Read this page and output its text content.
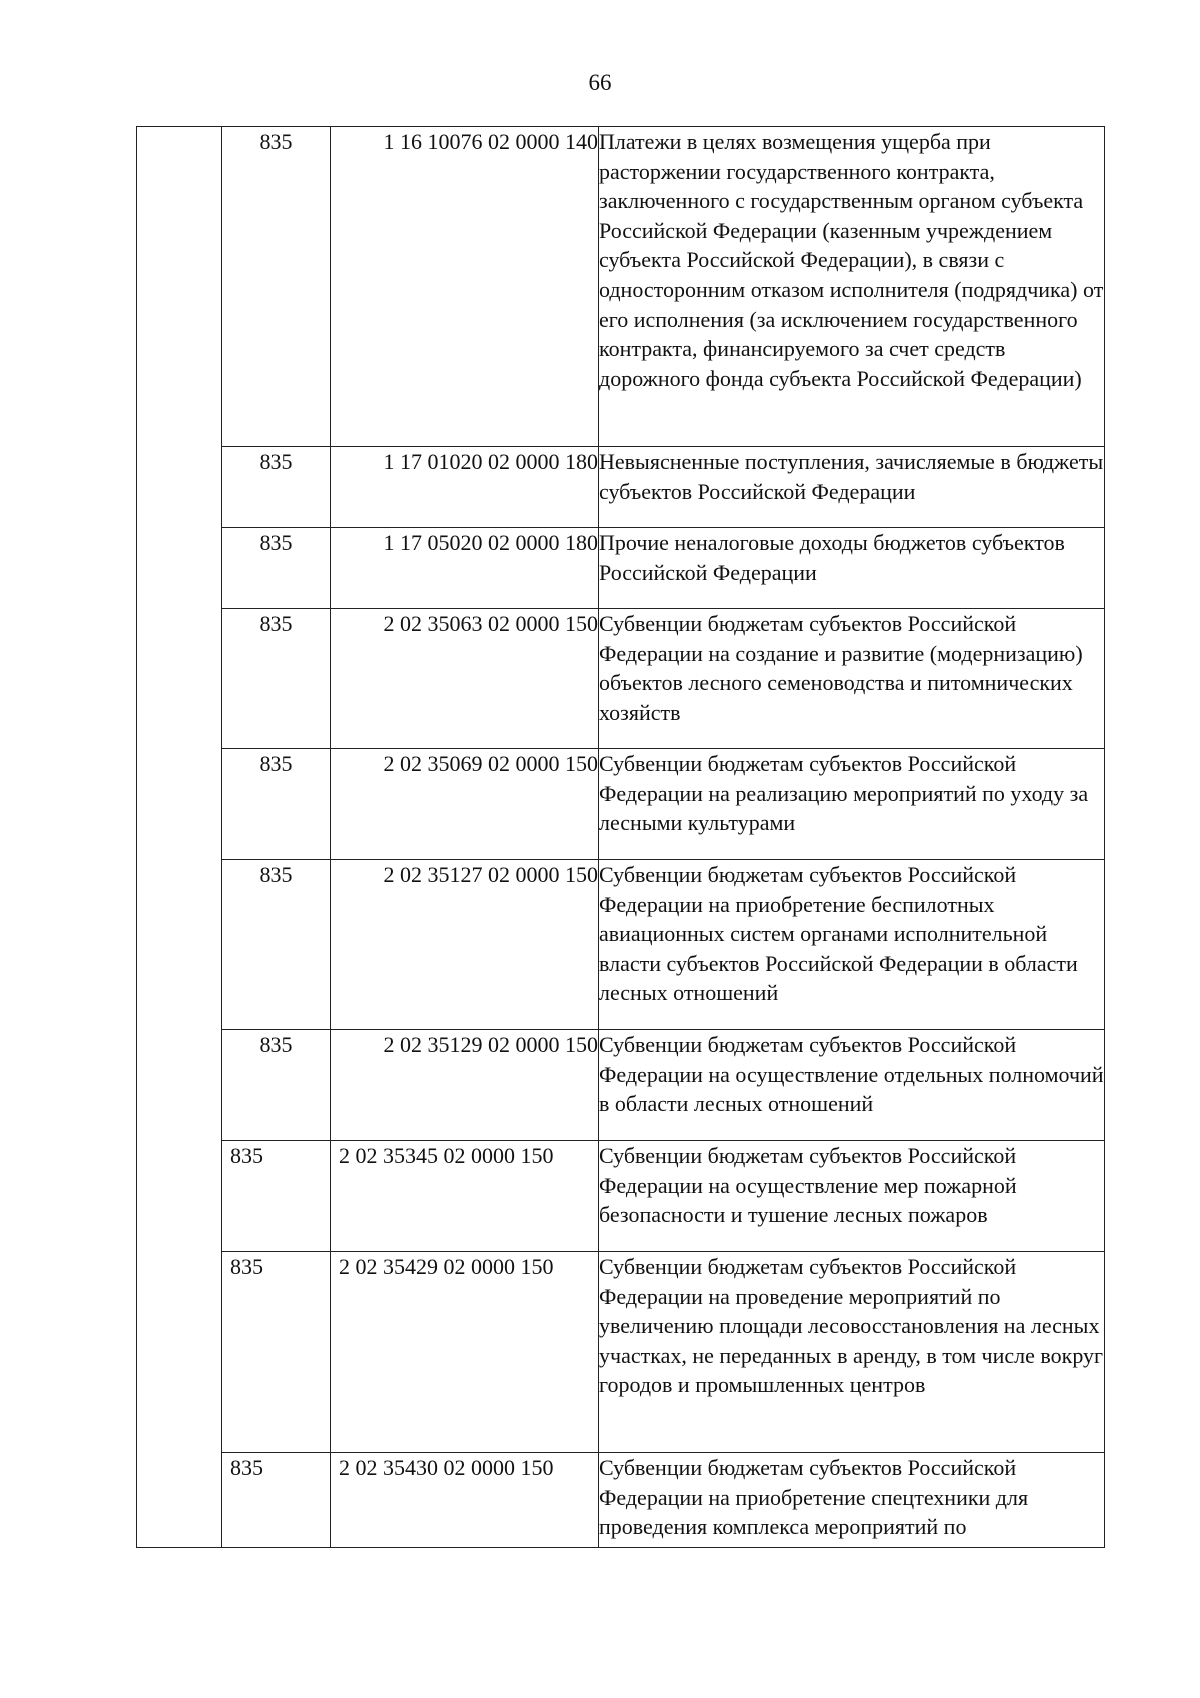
66
	835	1 16 10076 02 0000 140	Платежи в целях возмещения ущерба при расторжении государственного контракта, заключенного с государственным органом субъекта Российской Федерации (казенным учреждением субъекта Российской Федерации), в связи с односторонним отказом исполнителя (подрядчика) от его исполнения (за исключением государственного контракта, финансируемого за счет средств дорожного фонда субъекта Российской Федерации)
	835	1 17 01020 02 0000 180	Невыясненные поступления, зачисляемые в бюджеты субъектов Российской Федерации
	835	1 17 05020 02 0000 180	Прочие неналоговые доходы бюджетов субъектов Российской Федерации
	835	2 02 35063 02 0000 150	Субвенции бюджетам субъектов Российской Федерации на создание и развитие (модернизацию) объектов лесного семеноводства и питомнических хозяйств
	835	2 02 35069 02 0000 150	Субвенции бюджетам субъектов Российской Федерации на реализацию мероприятий по уходу за лесными культурами
	835	2 02 35127 02 0000 150	Субвенции бюджетам субъектов Российской Федерации на приобретение беспилотных авиационных систем органами исполнительной власти субъектов Российской Федерации в области лесных отношений
	835	2 02 35129 02 0000 150	Субвенции бюджетам субъектов Российской Федерации на осуществление отдельных полномочий в области лесных отношений
	835	2 02 35345 02 0000 150	Субвенции бюджетам субъектов Российской Федерации на осуществление мер пожарной безопасности и тушение лесных пожаров
	835	2 02 35429 02 0000 150	Субвенции бюджетам субъектов Российской Федерации на проведение мероприятий по увеличению площади лесовосстановления на лесных участках, не переданных в аренду, в том числе вокруг городов и промышленных центров
	835	2 02 35430 02 0000 150	Субвенции бюджетам субъектов Российской Федерации на приобретение спецтехники для проведения комплекса мероприятий по
